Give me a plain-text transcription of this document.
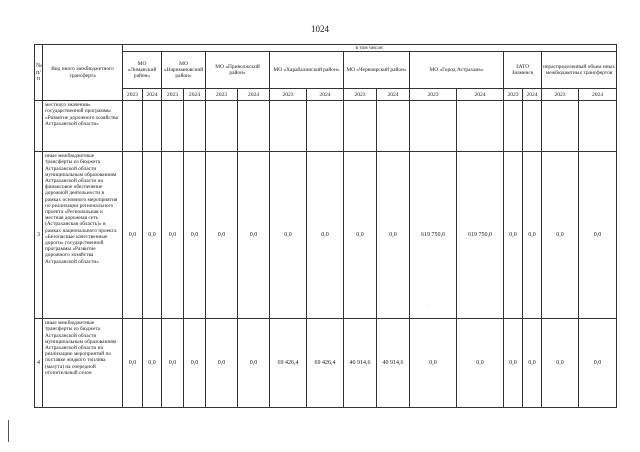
1024
№ п/п	Вид иного межбюджетного трансферта	в том числе:															
		МО «Лиманский район»		МО «Наримановский район»		МО «Приволжский район»		МО «Харабалинский район»		МО «Черноярский район»		МО «Город Астрахань»		ЗАТО Знаменск		нераспределенный объем иных межбюджетных трансфертов	
		2023	2024	2023	2024	2023	2024	2023	2024	2023	2024	2023	2024	2023	2024	2023	2024
	местного значения» государственной программы «Развитие дорожного хозяйства Астраханской области»																
3	иные межбюджетные трансферты из бюджета Астраханской области муниципальным образованиям Астраханской области на финансовое обеспечение дорожной деятельности в рамках основного мероприятия по реализации регионального проекта «Региональная и местная дорожная сеть (Астраханская область)» в рамках национального проекта «Безопасные качественные дороги» государственной программы «Развитие дорожного хозяйства Астраханской области»	0,0	0,0	0,0	0,0	0,0	0,0	0,0	0,0	0,0	0,0	619 750,0	619 750,0	0,0	0,0	0,0	0,0
4	иные межбюджетные трансферты из бюджета Астраханской области муниципальным образованиям Астраханской области на реализацию мероприятий по поставке жидкого топлива (мазута) на очередной отопительный сезон	0,0	0,0	0,0	0,0	0,0	0,0	69 426,4	69 426,4	40 914,6	40 914,6	0,0	0,0	0,0	0,0	0,0	0,0
·
